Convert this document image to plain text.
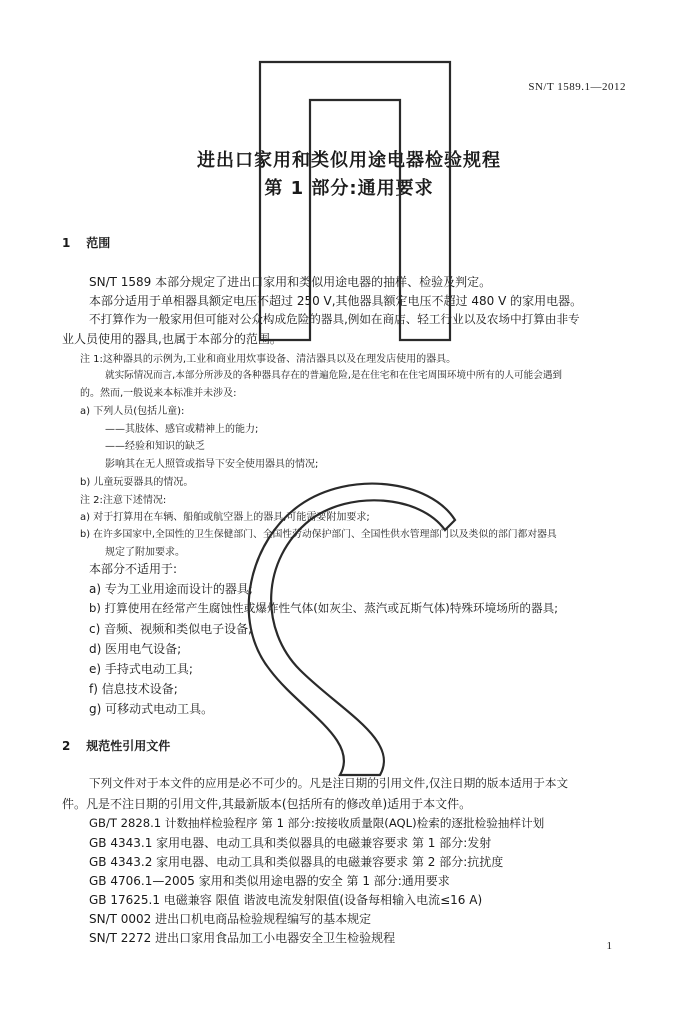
SN/T 1589.1—2012
进出口家用和类似用途电器检验规程
第 1 部分:通用要求
1 范围
SN/T 1589 本部分规定了进出口家用和类似用途电器的抽样、检验及判定。
本部分适用于单相器具额定电压不超过 250 V,其他器具额定电压不超过 480 V 的家用电器。
不打算作为一般家用但可能对公众构成危险的器具,例如在商店、轻工行业以及农场中打算由非专
业人员使用的器具,也属于本部分的范围。
注 1:这种器具的示例为,工业和商业用炊事设备、清洁器具以及在理发店使用的器具。
就实际情况而言,本部分所涉及的各种器具存在的普遍危险,是在住宅和在住宅周围环境中所有的人可能会遇到
的。然而,一般说来本标准并未涉及:
a) 下列人员(包括儿童):
——其肢体、感官或精神上的能力;
——经验和知识的缺乏
影响其在无人照管或指导下安全使用器具的情况;
b) 儿童玩耍器具的情况。
注 2:注意下述情况:
a) 对于打算用在车辆、船舶或航空器上的器具,可能需要附加要求;
b) 在许多国家中,全国性的卫生保健部门、全国性劳动保护部门、全国性供水管理部门以及类似的部门都对器具
规定了附加要求。
本部分不适用于:
a) 专为工业用途而设计的器具;
b) 打算使用在经常产生腐蚀性或爆炸性气体(如灰尘、蒸汽或瓦斯气体)特殊环境场所的器具;
c) 音频、视频和类似电子设备;
d) 医用电气设备;
e) 手持式电动工具;
f) 信息技术设备;
g) 可移动式电动工具。
2 规范性引用文件
下列文件对于本文件的应用是必不可少的。凡是注日期的引用文件,仅注日期的版本适用于本文
件。凡是不注日期的引用文件,其最新版本(包括所有的修改单)适用于本文件。
GB/T 2828.1 计数抽样检验程序 第 1 部分:按接收质量限(AQL)检索的逐批检验抽样计划
GB 4343.1 家用电器、电动工具和类似器具的电磁兼容要求 第 1 部分:发射
GB 4343.2 家用电器、电动工具和类似器具的电磁兼容要求 第 2 部分:抗扰度
GB 4706.1—2005 家用和类似用途电器的安全 第 1 部分:通用要求
GB 17625.1 电磁兼容 限值 谐波电流发射限值(设备每相输入电流≤16 A)
SN/T 0002 进出口机电商品检验规程编写的基本规定
SN/T 2272 进出口家用食品加工小电器安全卫生检验规程
1
